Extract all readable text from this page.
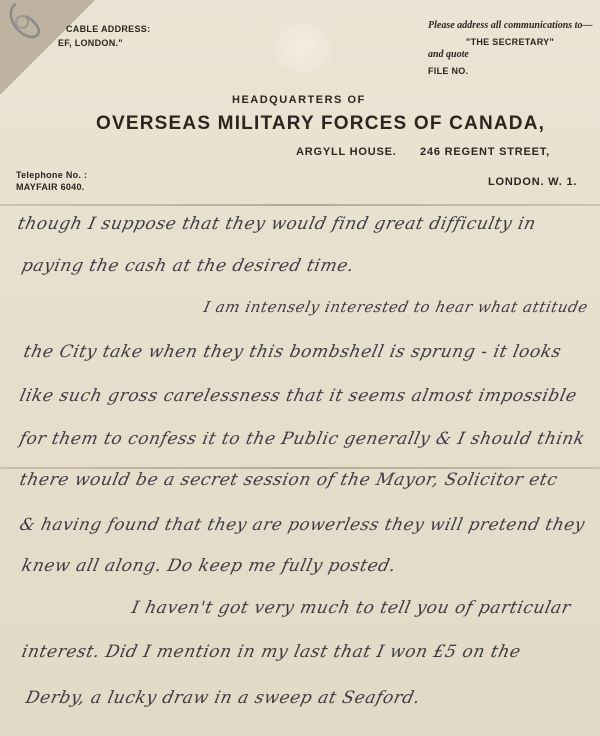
CABLE ADDRESS:
EF, LONDON."
Please address all communications to—
"THE SECRETARY"
and quote
FILE NO.
HEADQUARTERS OF
OVERSEAS MILITARY FORCES OF CANADA,
ARGYLL HOUSE. 246 REGENT STREET,
Telephone No. :
MAYFAIR 6040.	LONDON. W. 1.
though I suppose that they would find great difficulty in
paying the cash at the desired time.
I am intensely interested to hear what attitude
the City take when they this bombshell is sprung - it looks
like such gross carelessness that it seems almost impossible
for them to confess it to the Public generally & I should think
there would be a secret session of the Mayor, Solicitor etc
& having found that they are powerless they will pretend they
knew all along. Do keep me fully posted.
I haven't got very much to tell you of particular
interest. Did I mention in my last that I won £5 on the
Derby, a lucky draw in a sweep at Seaford.
